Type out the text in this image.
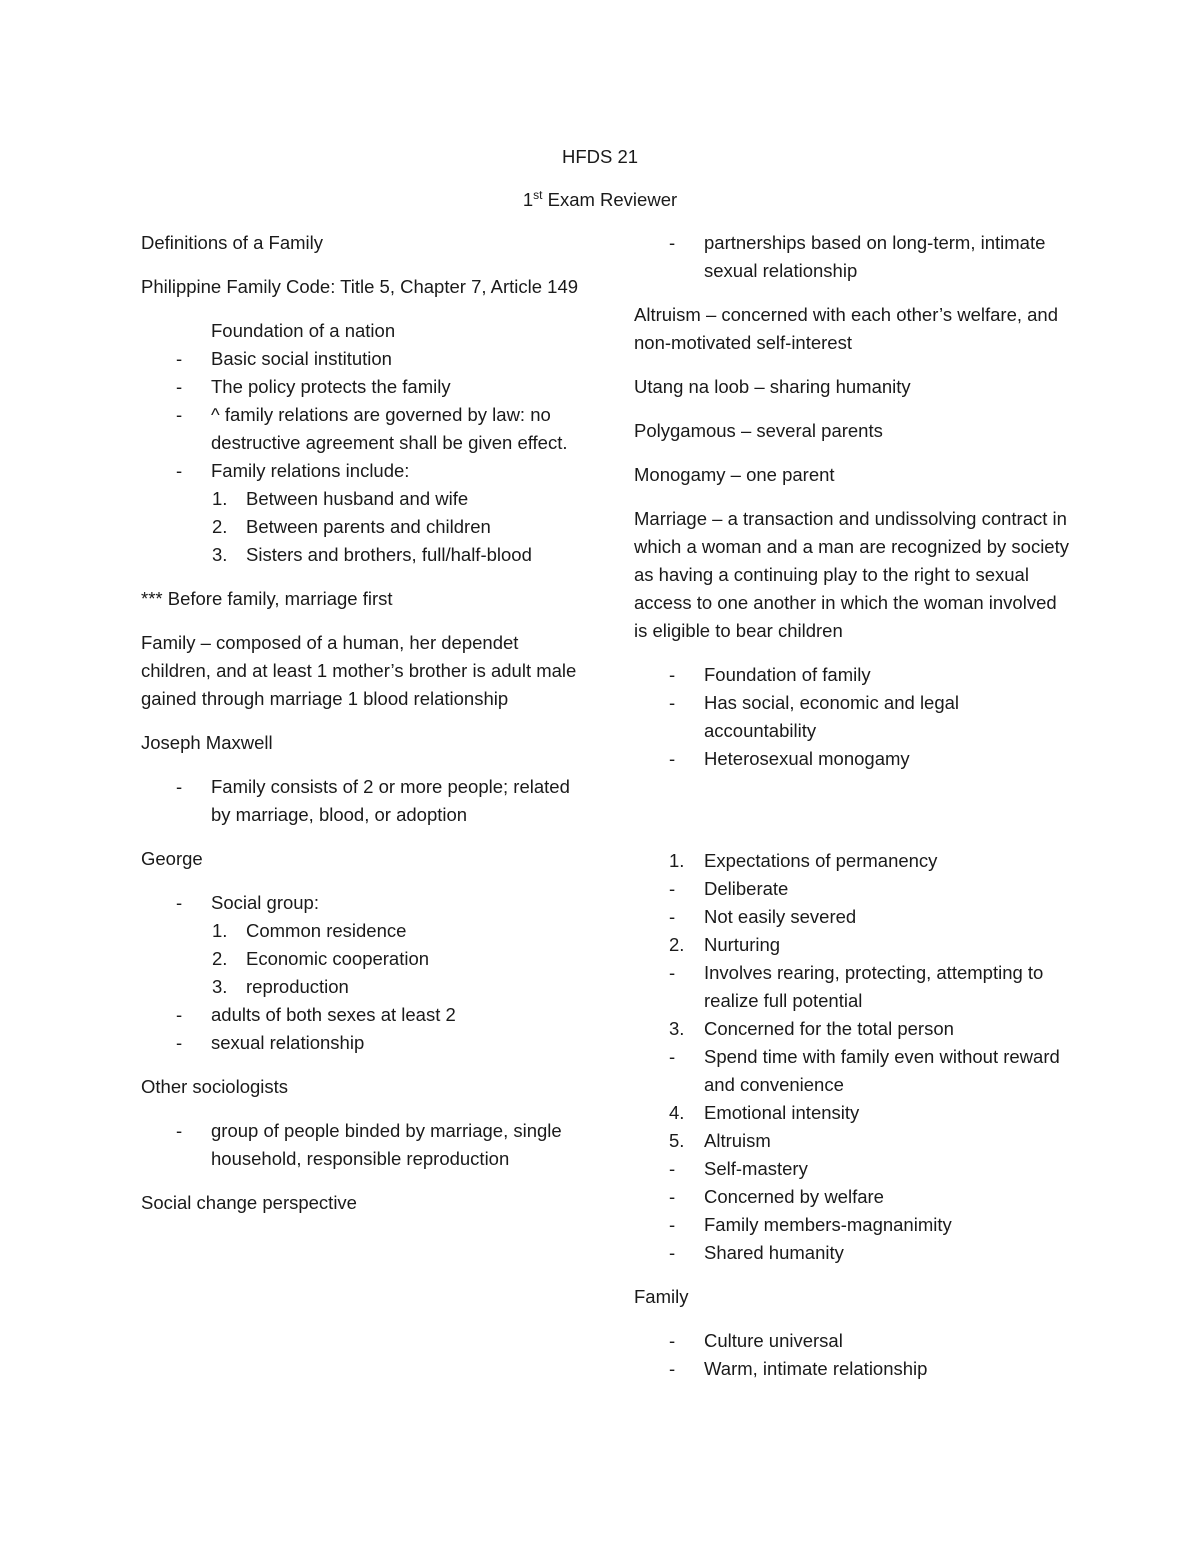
HFDS 21
1st Exam Reviewer

Definitions of a Family

Philippine Family Code: Title 5, Chapter 7, Article 149

Foundation of a nation
- Basic social institution
- The policy protects the family
- ^ family relations are governed by law: no destructive agreement shall be given effect.
- Family relations include:
1. Between husband and wife
2. Between parents and children
3. Sisters and brothers, full/half-blood

*** Before family, marriage first

Family – composed of a human, her dependet children, and at least 1 mother’s brother is adult male gained through marriage 1 blood relationship

Joseph Maxwell

- Family consists of 2 or more people; related by marriage, blood, or adoption

George

- Social group:
1. Common residence
2. Economic cooperation
3. reproduction
- adults of both sexes at least 2
- sexual relationship

Other sociologists

- group of people binded by marriage, single household, responsible reproduction

Social change perspective

- partnerships based on long-term, intimate sexual relationship

Altruism – concerned with each other’s welfare, and non-motivated self-interest

Utang na loob – sharing humanity

Polygamous – several parents

Monogamy – one parent

Marriage – a transaction and undissolving contract in which a woman and a man are recognized by society as having a continuing play to the right to sexual access to one another in which the woman involved is eligible to bear children

- Foundation of family
- Has social, economic and legal accountability
- Heterosexual monogamy
1. Expectations of permanency
- Deliberate
- Not easily severed
2. Nurturing
- Involves rearing, protecting, attempting to realize full potential
3. Concerned for the total person
- Spend time with family even without reward and convenience
4. Emotional intensity
5. Altruism
- Self-mastery
- Concerned by welfare
- Family members-magnanimity
- Shared humanity

Family

- Culture universal
- Warm, intimate relationship
